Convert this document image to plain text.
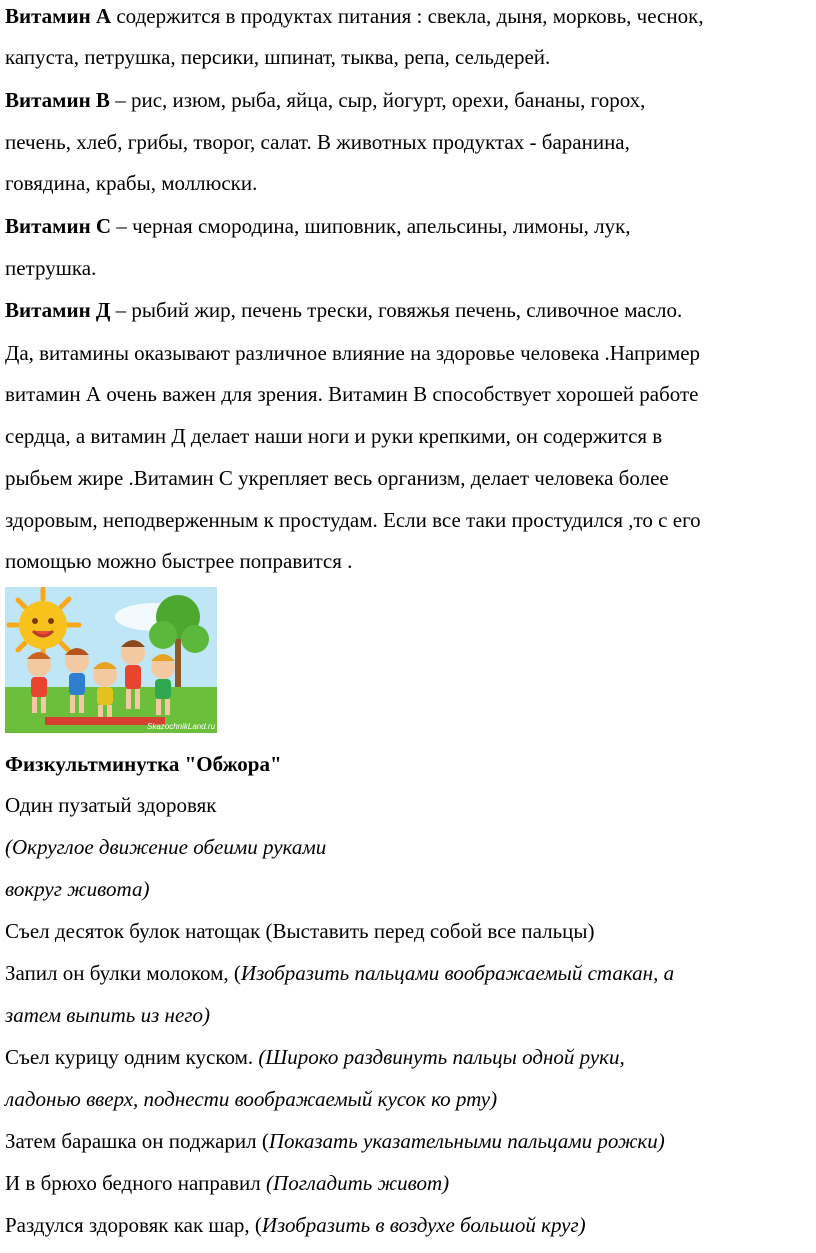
Витамин А содержится в продуктах питания : свекла, дыня, морковь, чеснок,
капуста, петрушка, персики, шпинат, тыква, репа, сельдерей.
Витамин В – рис, изюм, рыба, яйца, сыр, йогурт, орехи, бананы, горох,
печень, хлеб, грибы, творог, салат. В животных продуктах - баранина,
говядина, крабы, моллюски.
Витамин С – черная смородина, шиповник, апельсины, лимоны, лук,
петрушка.
Витамин Д – рыбий жир, печень трески, говяжья печень, сливочное масло.
Да, витамины оказывают различное влияние на здоровье человека .Например
витамин А очень важен для зрения. Витамин В способствует хорошей работе
сердца, а витамин Д делает наши ноги и руки крепкими, он содержится в
рыбьем жире .Витамин С укрепляет весь организм, делает человека более
здоровым, неподверженным к простудам. Если все таки простудился ,то с его
помощью можно быстрее поправится .
SkazochnikLand.ru
Физкультминутка "Обжора"
Один пузатый здоровяк
(Округлое движение обеими руками
вокруг живота)
Съел десяток булок натощак (Выставить перед собой все пальцы)
Запил он булки молоком, (Изобразить пальцами воображаемый стакан, а
затем выпить из него)
Съел курицу одним куском. (Широко раздвинуть пальцы одной руки,
ладонью вверх, поднести воображаемый кусок ко рту)
Затем барашка он поджарил (Показать указательными пальцами рожки)
И в брюхо бедного направил (Погладить живот)
Раздулся здоровяк как шар, (Изобразить в воздухе большой круг)
